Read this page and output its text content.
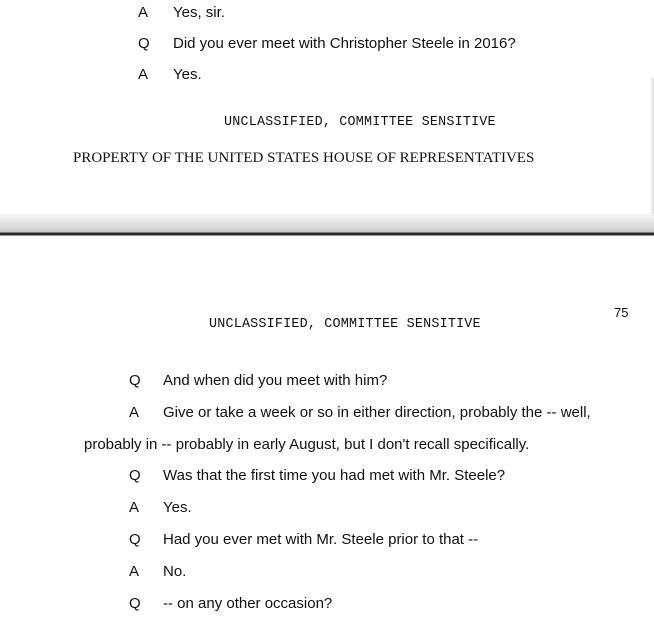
A Yes, sir.
Q Did you ever meet with Christopher Steele in 2016?
A Yes.
UNCLASSIFIED, COMMITTEE SENSITIVE
PROPERTY OF THE UNITED STATES HOUSE OF REPRESENTATIVES
75
UNCLASSIFIED, COMMITTEE SENSITIVE
Q And when did you meet with him?
A Give or take a week or so in either direction, probably the -- well,
probably in -- probably in early August, but I don't recall specifically.
Q Was that the first time you had met with Mr. Steele?
A Yes.
Q Had you ever met with Mr. Steele prior to that --
A No.
Q -- on any other occasion?
